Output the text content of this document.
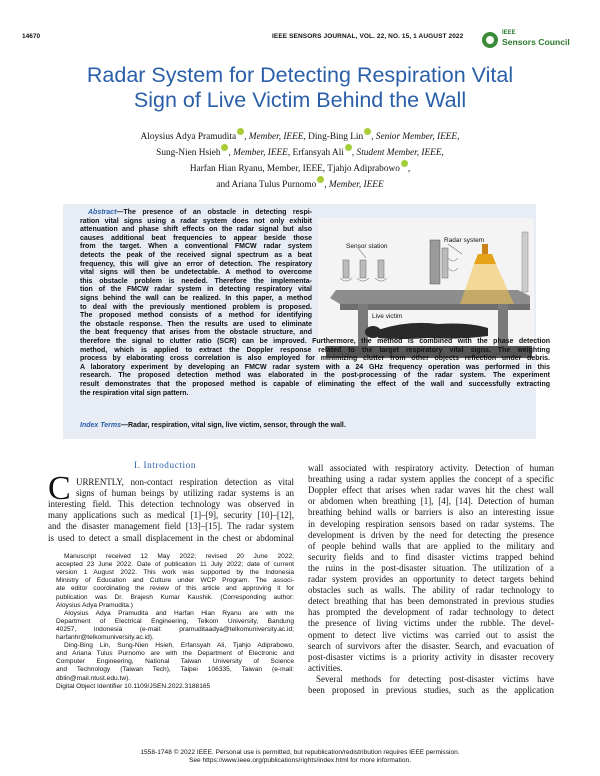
14670	IEEE SENSORS JOURNAL, VOL. 22, NO. 15, 1 AUGUST 2022	IEEE
Sensors Council
Radar System for Detecting Respiration Vital
Sign of Live Victim Behind the Wall
Aloysius Adya Pramudita , Member, IEEE, Ding-Bing Lin , Senior Member, IEEE,
Sung-Nien Hsieh , Member, IEEE, Erfansyah Ali , Student Member, IEEE,
Harfan Hian Ryanu, Member, IEEE, Tjahjo Adiprabowo ,
and Ariana Tulus Purnomo , Member, IEEE
Index Terms—Radar, respiration, vital sign, live victim, sensor, through the wall.
Sensor station
Radar system
Live victim
I. Introduction
C
1558-1748 © 2022 IEEE. Personal use is permitted, but republication/redistribution requires IEEE permission.
See https://www.ieee.org/publications/rights/index.html for more information.
Abstract—The presence of an obstacle in detecting respi-
ration vital signs using a radar system does not only exhibit
attenuation and phase shift effects on the radar signal but also
causes additional beat frequencies to appear beside those
from the target. When a conventional FMCW radar system
detects the peak of the received signal spectrum as a beat
frequency, this will give an error of detection. The respiratory
vital signs will then be undetectable. A method to overcome
this obstacle problem is needed. Therefore the implementa-
tion of the FMCW radar system in detecting respiratory vital
signs behind the wall can be realized. In this paper, a method
to deal with the previously mentioned problem is proposed.
The proposed method consists of a method for identifying
the obstacle response. Then the results are used to eliminate
the beat frequency that arises from the obstacle structure, and
therefore the signal to clutter ratio (SCR) can be improved. Furthermore, the method is combined with the phase detection
method, which is applied to extract the Doppler response related to the target respiratory vital signs. The weighting
process by elaborating cross correlation is also employed for minimizing clutter from other objects reflection under debris.
A laboratory experiment by developing an FMCW radar system with a 24 GHz frequency operation was performed in this
research. The proposed detection method was elaborated in the post-processing of the radar system. The experiment
result demonstrates that the proposed method is capable of eliminating the effect of the wall and successfully extracting
the respiration vital sign pattern.
URRENTLY, non-contact respiration detection as vital
signs of human beings by utilizing radar systems is an
interesting field. This detection technology was observed in
many applications such as medical [1]–[9], security [10]–[12],
and the disaster management field [13]–[15]. The radar system
is used to detect a small displacement in the chest or abdominal
wall associated with respiratory activity. Detection of human
breathing using a radar system applies the concept of a specific
Doppler effect that arises when radar waves hit the chest wall
or abdomen when breathing [1], [4], [14]. Detection of human
breathing behind walls or barriers is also an interesting issue
in developing respiration sensors based on radar systems. The
development is driven by the need for detecting the presence
of people behind walls that are applied to the military and
security fields and to find disaster victims trapped behind
the ruins in the post-disaster situation. The utilization of a
radar system provides an opportunity to detect targets behind
obstacles such as walls. The ability of radar technology to
detect breathing that has been demonstrated in previous studies
has prompted the development of radar technology to detect
the presence of living victims under the rubble. The devel-
opment to detect live victims was carried out to assist the
search of survivors after the disaster. Search, and evacuation of
post-disaster victims is a priority activity in disaster recovery
activities.
Several methods for detecting post-disaster victims have
been proposed in previous studies, such as the application
Manuscript received 12 May 2022; revised 20 June 2022;
accepted 23 June 2022. Date of publication 11 July 2022; date of current
version 1 August 2022. This work was supported by the Indonesia
Ministry of Education and Culture under WCP Program. The associ-
ate editor coordinating the review of this article and approving it for
publication was Dr. Brajesh Kumar Kaushik. (Corresponding author:
Aloysius Adya Pramudita.)
Aloysius Adya Pramudita and Harfan Hian Ryanu are with the
Department of Electrical Engineering, Telkom University, Bandung
40257, Indonesia (e-mail: pramuditaadya@telkomuniversity.ac.id;
harfanhr@telkomuniversity.ac.id).
Ding-Bing Lin, Sung-Nien Hsieh, Erfansyah Ali, Tjahjo Adiprabowo,
and Ariana Tulus Purnomo are with the Department of Electronic and
Computer Engineering, National Taiwan University of Science
and Technology (Taiwan Tech), Taipei 106335, Taiwan (e-mail:
dblin@mail.ntust.edu.tw).
Digital Object Identifier 10.1109/JSEN.2022.3188165
